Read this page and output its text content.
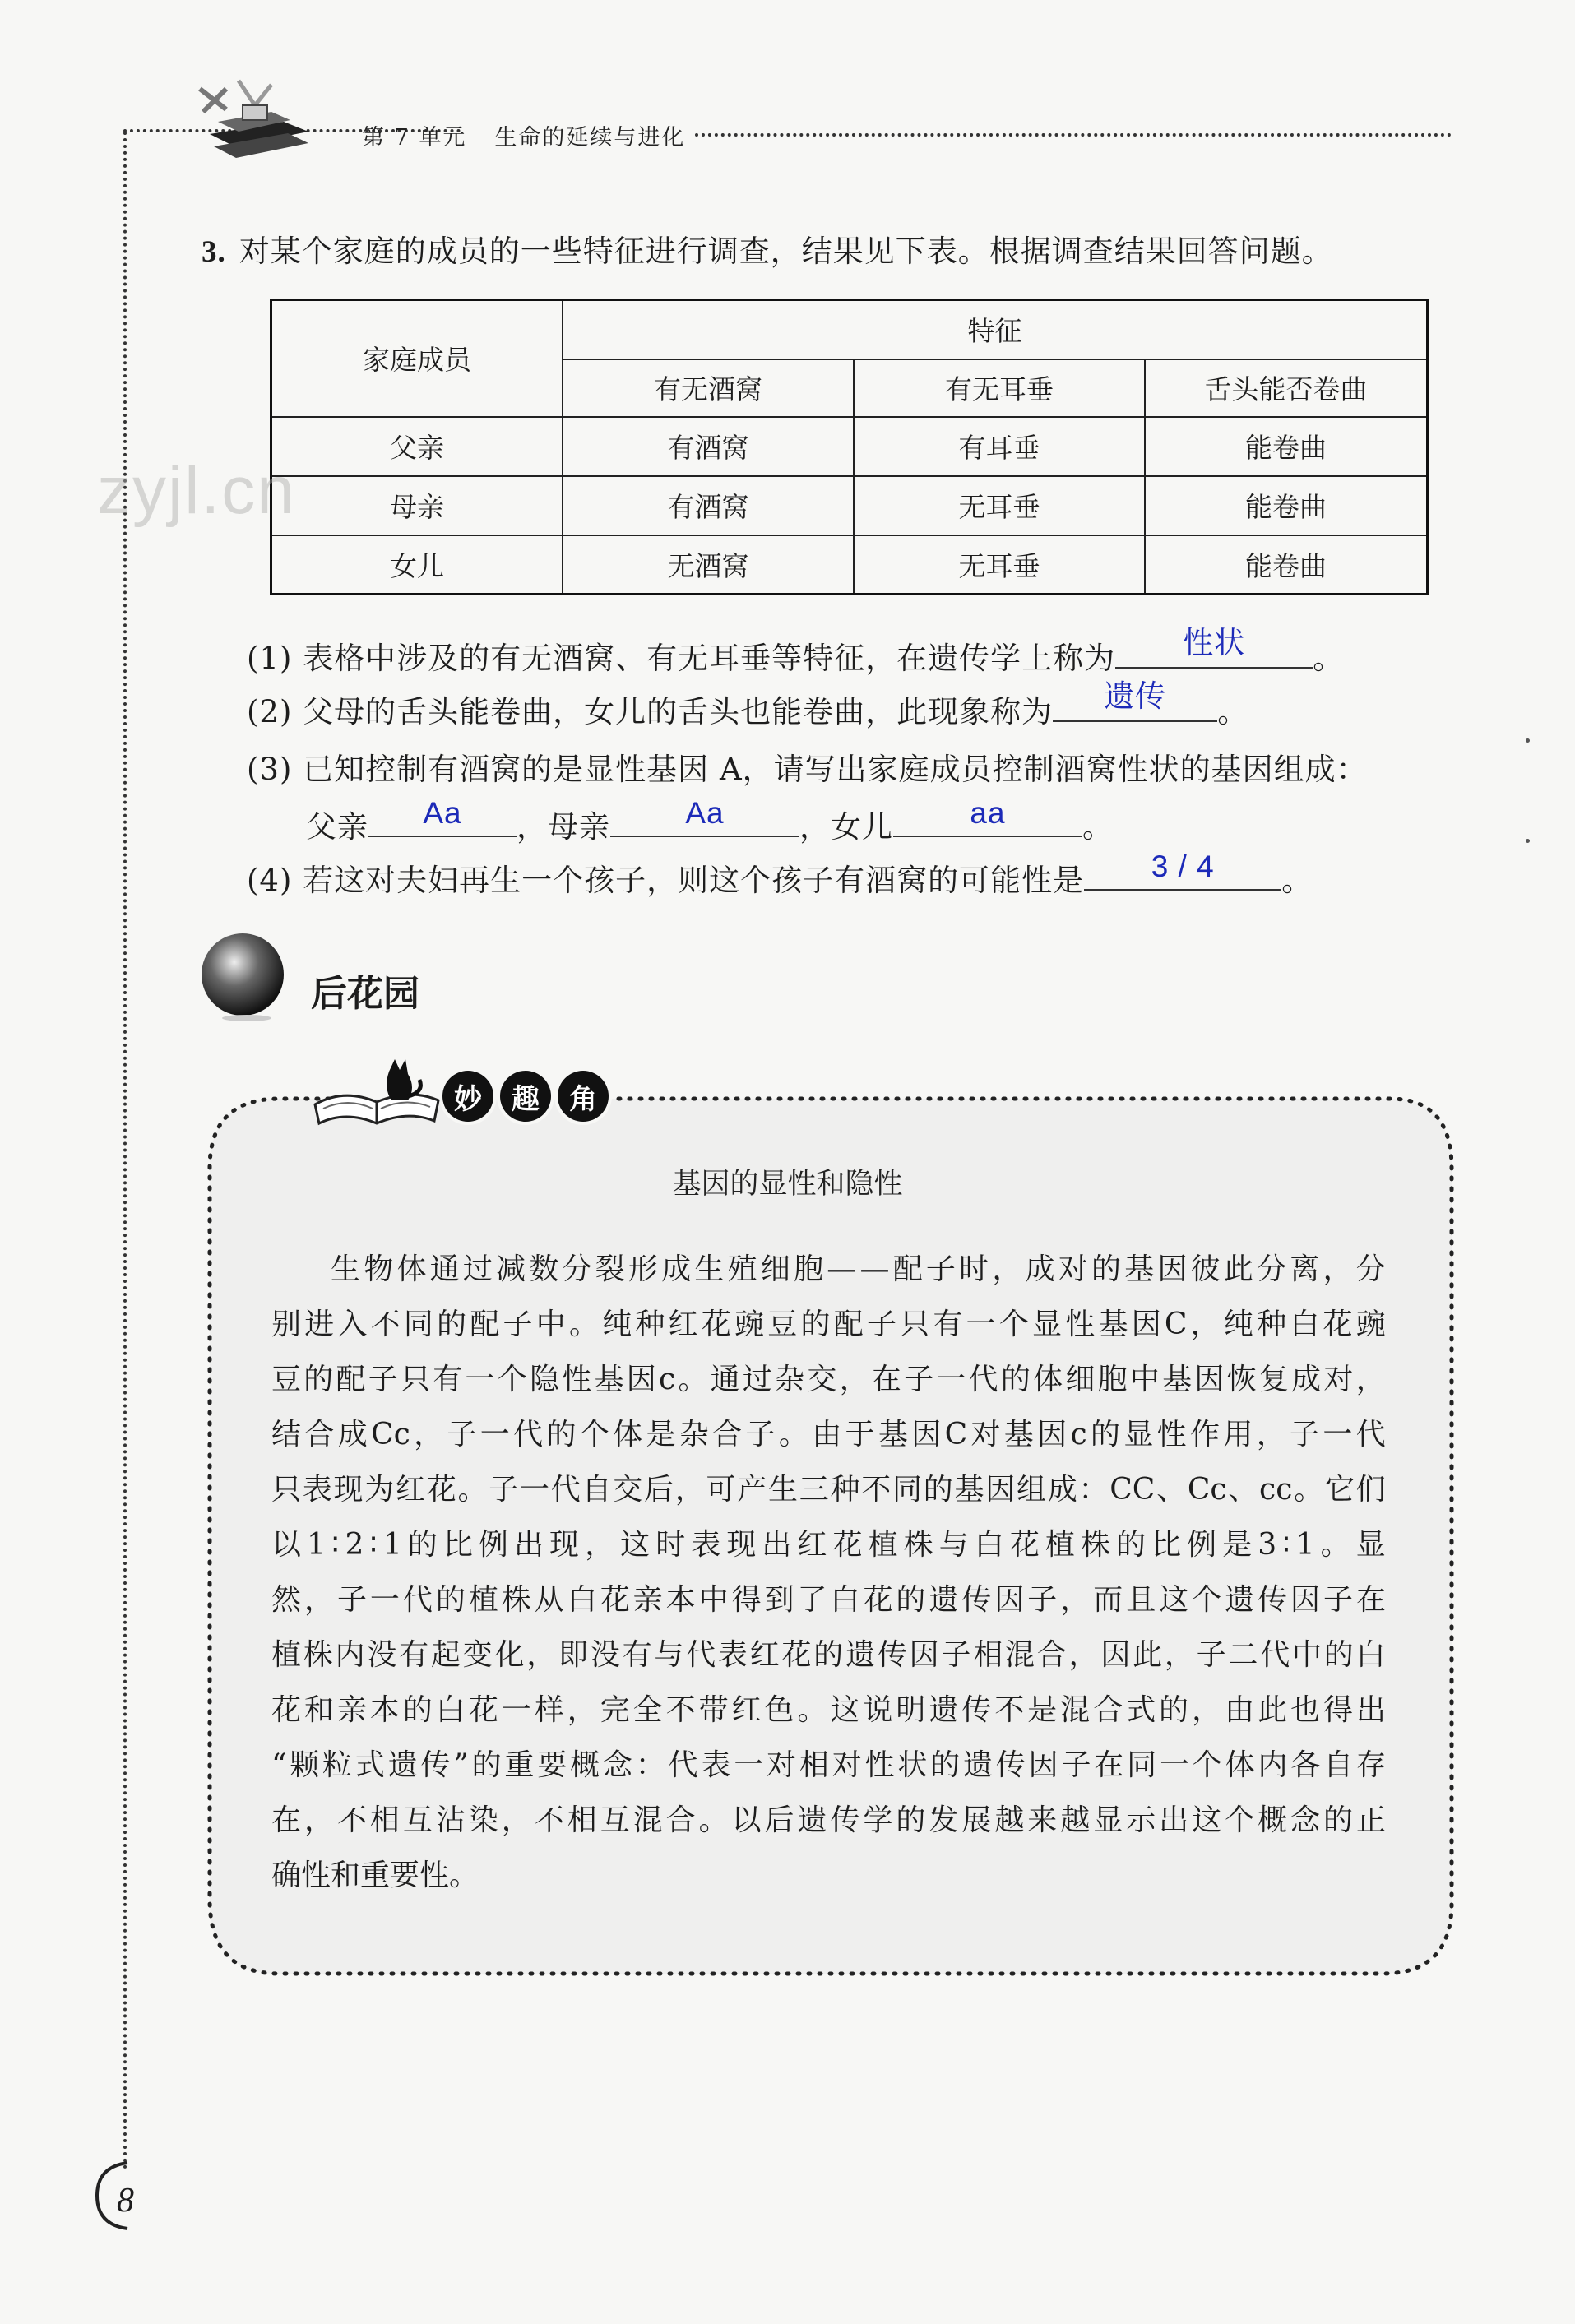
第 7 单元 生命的延续与进化
3. 对某个家庭的成员的一些特征进行调查，结果见下表。根据调查结果回答问题。
家庭成员	特征		
	有无酒窝	有无耳垂	舌头能否卷曲
父亲	有酒窝	有耳垂	能卷曲
母亲	有酒窝	无耳垂	能卷曲
女儿	无酒窝	无耳垂	能卷曲
zyjl.cn
(1) 表格中涉及的有无酒窝、有无耳垂等特征，在遗传学上称为	性状	。
(2) 父母的舌头能卷曲，女儿的舌头也能卷曲，此现象称为	遗传	。
(3) 已知控制有酒窝的是显性基因 A，请写出家庭成员控制酒窝性状的基因组成：
父亲	Aa	，母亲	Aa	，女儿	aa	。
(4) 若这对夫妇再生一个孩子，则这个孩子有酒窝的可能性是	3 / 4	。
后花园
妙	趣	角
基因的显性和隐性
生 物 体 通 过 减 数 分 裂 形 成 生 殖 细 胞 — — 配 子 时 ， 成 对 的 基 因 彼 此 分 离 ， 分
别 进 入 不 同 的 配 子 中 。 纯 种 红 花 豌 豆 的 配 子 只 有 一 个 显 性 基 因 C ， 纯 种 白 花 豌
豆 的 配 子 只 有 一 个 隐 性 基 因 c 。 通 过 杂 交 ， 在 子 一 代 的 体 细 胞 中 基 因 恢 复 成 对 ，
结 合 成 Cc ， 子 一 代 的 个 体 是 杂 合 子 。 由 于 基 因 C 对 基 因 c 的 显 性 作 用 ， 子 一 代
只 表 现 为 红 花 。 子 一 代 自 交 后 ， 可 产 生 三 种 不 同 的 基 因 组 成 ： CC 、 Cc 、 cc 。 它 们
以 1 ∶ 2 ∶ 1 的 比 例 出 现 ， 这 时 表 现 出 红 花 植 株 与 白 花 植 株 的 比 例 是 3 ∶ 1 。 显
然 ， 子 一 代 的 植 株 从 白 花 亲 本 中 得 到 了 白 花 的 遗 传 因 子 ， 而 且 这 个 遗 传 因 子 在
植 株 内 没 有 起 变 化 ， 即 没 有 与 代 表 红 花 的 遗 传 因 子 相 混 合 ， 因 此 ， 子 二 代 中 的 白
花 和 亲 本 的 白 花 一 样 ， 完 全 不 带 红 色 。 这 说 明 遗 传 不 是 混 合 式 的 ， 由 此 也 得 出
“ 颗 粒 式 遗 传 ” 的 重 要 概 念 ： 代 表 一 对 相 对 性 状 的 遗 传 因 子 在 同 一 个 体 内 各 自 存
在 ， 不 相 互 沾 染 ， 不 相 互 混 合 。 以 后 遗 传 学 的 发 展 越 来 越 显 示 出 这 个 概 念 的 正
确性和重要性。
8
